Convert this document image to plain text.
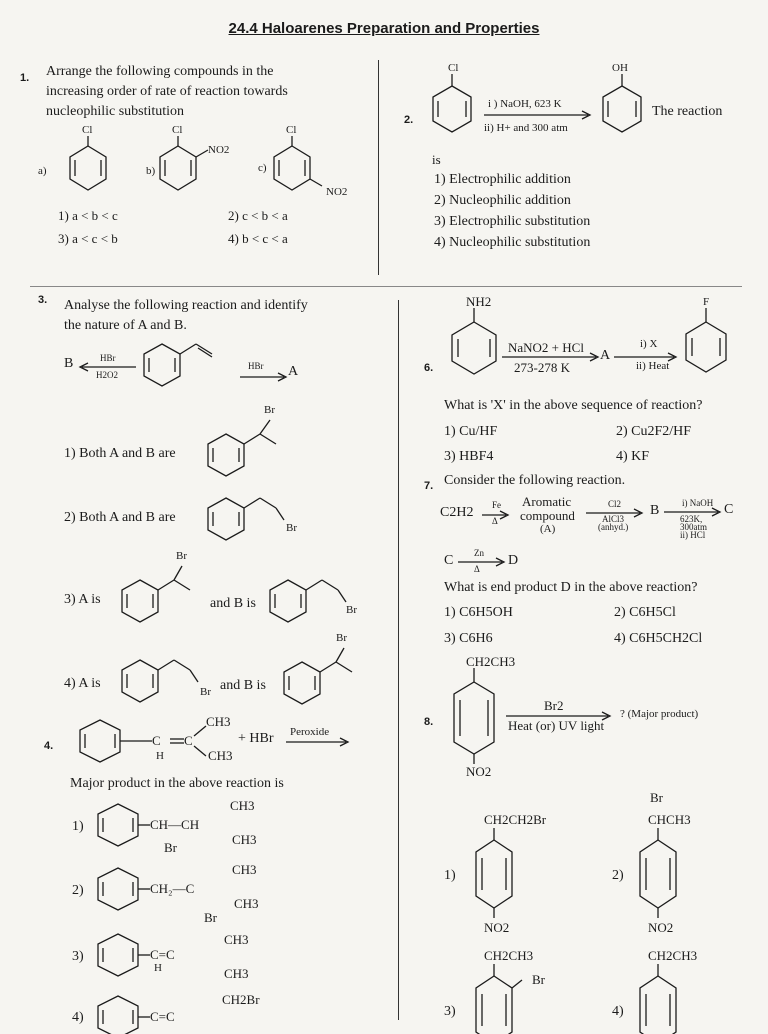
24.4 Haloarenes Preparation and Properties
1. Arrange the following compounds in the
increasing order of rate of reaction towards
nucleophilic substitution
a)
Cl
b)
Cl
NO2
c)
Cl
NO2
1) a < b < c	2) c < b < a
3) a < c < b	4) b < c < a
2.
Cl
i ) NaOH, 623 K
ii) H+ and 300 atm
OH
The reaction
is
1) Electrophilic addition
2) Nucleophilic addition
3) Electrophilic substitution
4) Nucleophilic substitution
3. Analyse the following reaction and identify
the nature of A and B.
B	HBr
H2O2
HBr A
1) Both A and B are
Br
2) Both A and B are
Br
3) A is
Br
and B is	Br
4) A is
Br and B is
Br
4.	C C
H
CH3
CH3
+ HBr Peroxide
Major product in the above reaction is
1)	CH—CH
Br
CH3
CH3
2)	CH₂—C
Br
CH3
CH3
3)	C=C
H
CH3
CH3
4)	C=C
CH2Br
6.
NH2
NaNO2 + HCl
273-278 K
A
i) X
ii) Heat
F
What is 'X' in the above sequence of reaction?
1) Cu/HF	2) Cu2F2/HF
3) HBF4	4) KF
7. Consider the following reaction.
C2H2 Fe
Δ
Aromatic
compound
(A)
Cl2
AlCl3
(anhyd.)
B	i) NaOH
623K,
300atm
ii) HCl
C
C Zn
Δ
D
What is end product D in the above reaction?
1) C6H5OH	2) C6H5Cl
3) C6H6	4) C6H5CH2Cl
8.
CH2CH3
NO2
Br2
Heat (or) UV light
? (Major product)
1)
CH2CH2Br
NO2
2)
Br
CHCH3
NO2
3)
CH2CH3
Br
4)
CH2CH3
